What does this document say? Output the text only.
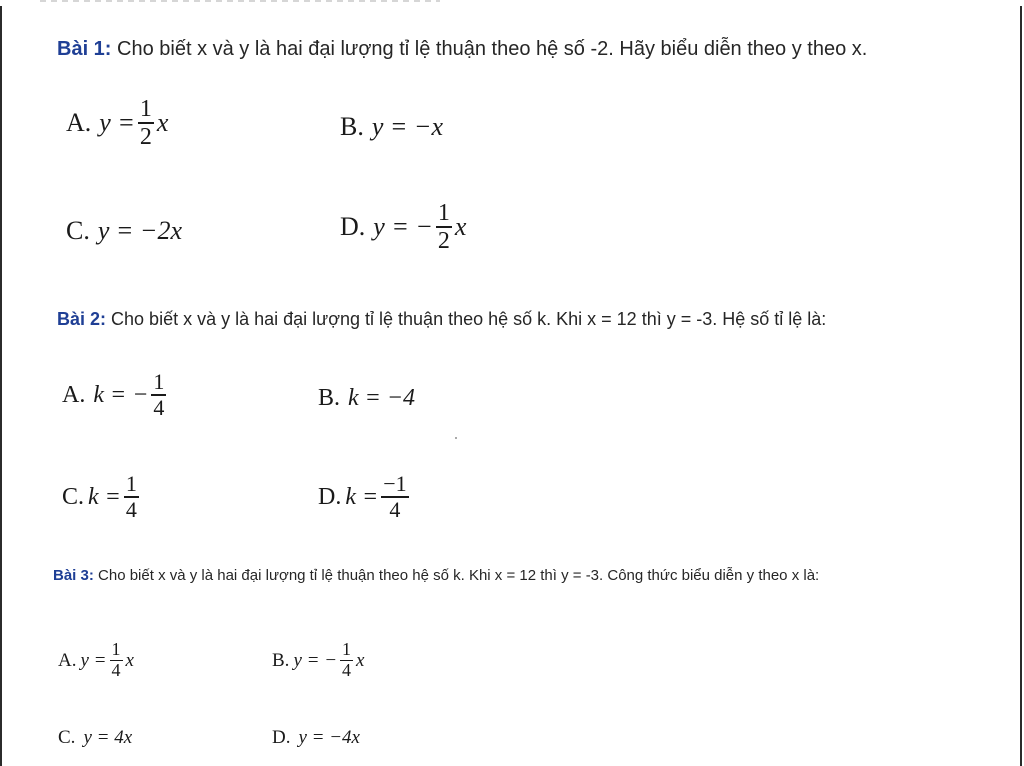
Bài 1: Cho biết x và y là hai đại lượng tỉ lệ thuận theo hệ số -2. Hãy biểu diễn theo y theo x.
A. $y = \frac{1}{2}$ x	B. y = −x
C. y = −2x	D. y = − $\frac{1}{2}$ x
Bài 2: Cho biết x và y là hai đại lượng tỉ lệ thuận theo hệ số k. Khi x = 12 thì y = -3. Hệ số tỉ lệ là:
A. k = − $\frac{1}{4}$	B. k = −4
C. $k = \frac{1}{4}$	D. $k = \frac{-1}{4}$
Bài 3: Cho biết x và y là hai đại lượng tỉ lệ thuận theo hệ số k. Khi x = 12 thì y = -3. Công thức biểu diễn y theo x là:
A. $y = \frac{1}{4}$ x	B. y = − $\frac{1}{4}$ x
C. y = 4x	D. y = −4x
